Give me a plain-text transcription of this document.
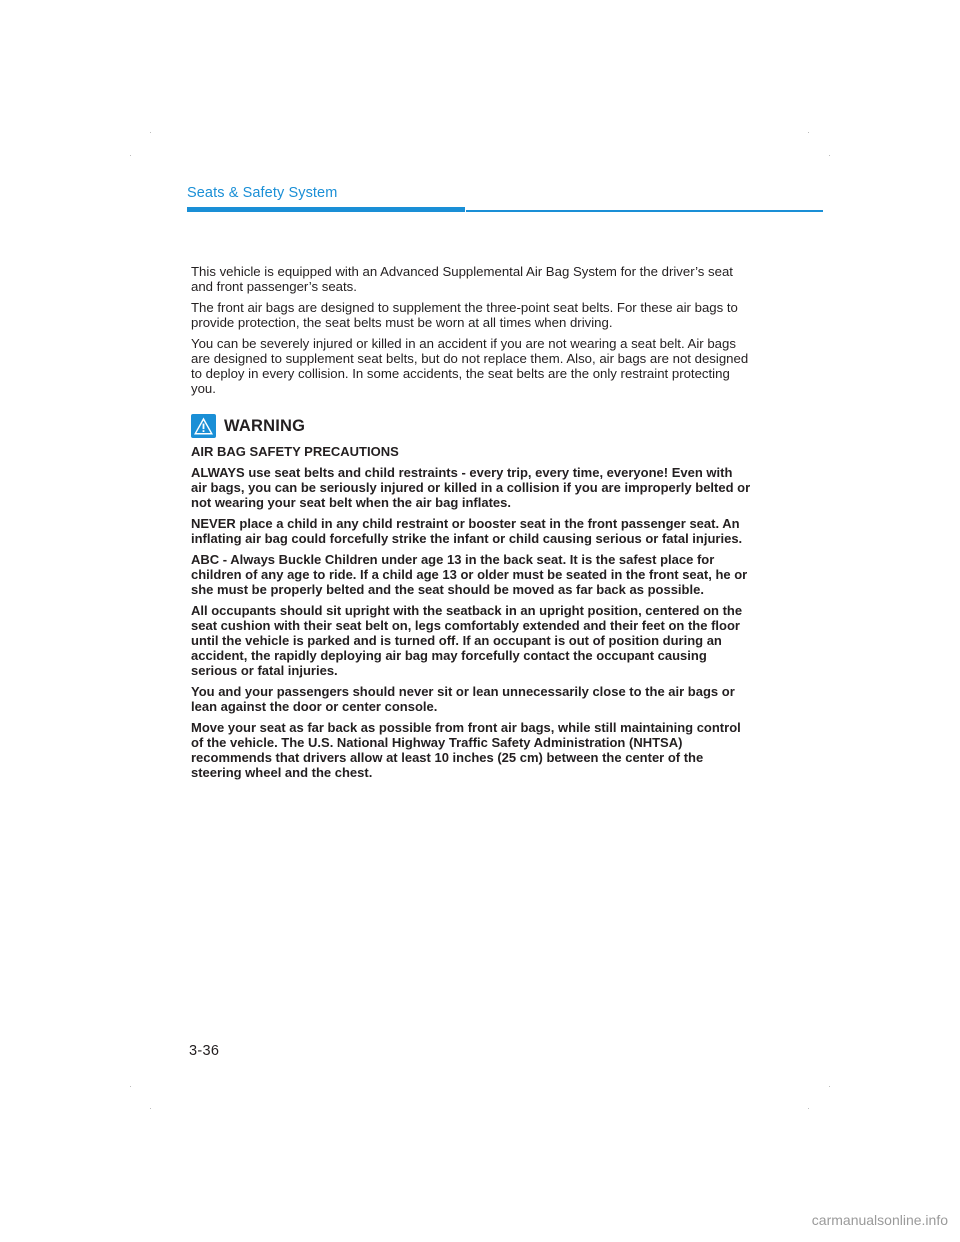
Seats & Safety System

This vehicle is equipped with an Advanced Supplemental Air Bag System for the driver’s seat and front passenger’s seats.

The front air bags are designed to supplement the three-point seat belts. For these air bags to provide protection, the seat belts must be worn at all times when driving.

You can be severely injured or killed in an accident if you are not wearing a seat belt. Air bags are designed to supplement seat belts, but do not replace them. Also, air bags are not designed to deploy in every collision. In some accidents, the seat belts are the only restraint protecting you.

WARNING

AIR BAG SAFETY PRECAUTIONS

ALWAYS use seat belts and child restraints - every trip, every time, everyone! Even with air bags, you can be seriously injured or killed in a collision if you are improperly belted or not wearing your seat belt when the air bag inflates.

NEVER place a child in any child restraint or booster seat in the front passenger seat. An inflating air bag could forcefully strike the infant or child causing serious or fatal injuries.

ABC - Always Buckle Children under age 13 in the back seat. It is the safest place for children of any age to ride. If a child age 13 or older must be seated in the front seat, he or she must be properly belted and the seat should be moved as far back as possible.

All occupants should sit upright with the seatback in an upright position, centered on the seat cushion with their seat belt on, legs comfortably extended and their feet on the floor until the vehicle is parked and is turned off. If an occupant is out of position during an accident, the rapidly deploying air bag may forcefully contact the occupant causing serious or fatal injuries.

You and your passengers should never sit or lean unnecessarily close to the air bags or lean against the door or center console.

Move your seat as far back as possible from front air bags, while still maintaining control of the vehicle. The U.S. National Highway Traffic Safety Administration (NHTSA) recommends that drivers allow at least 10 inches (25 cm) between the center of the steering wheel and the chest.

3-36
carmanualsonline.info
